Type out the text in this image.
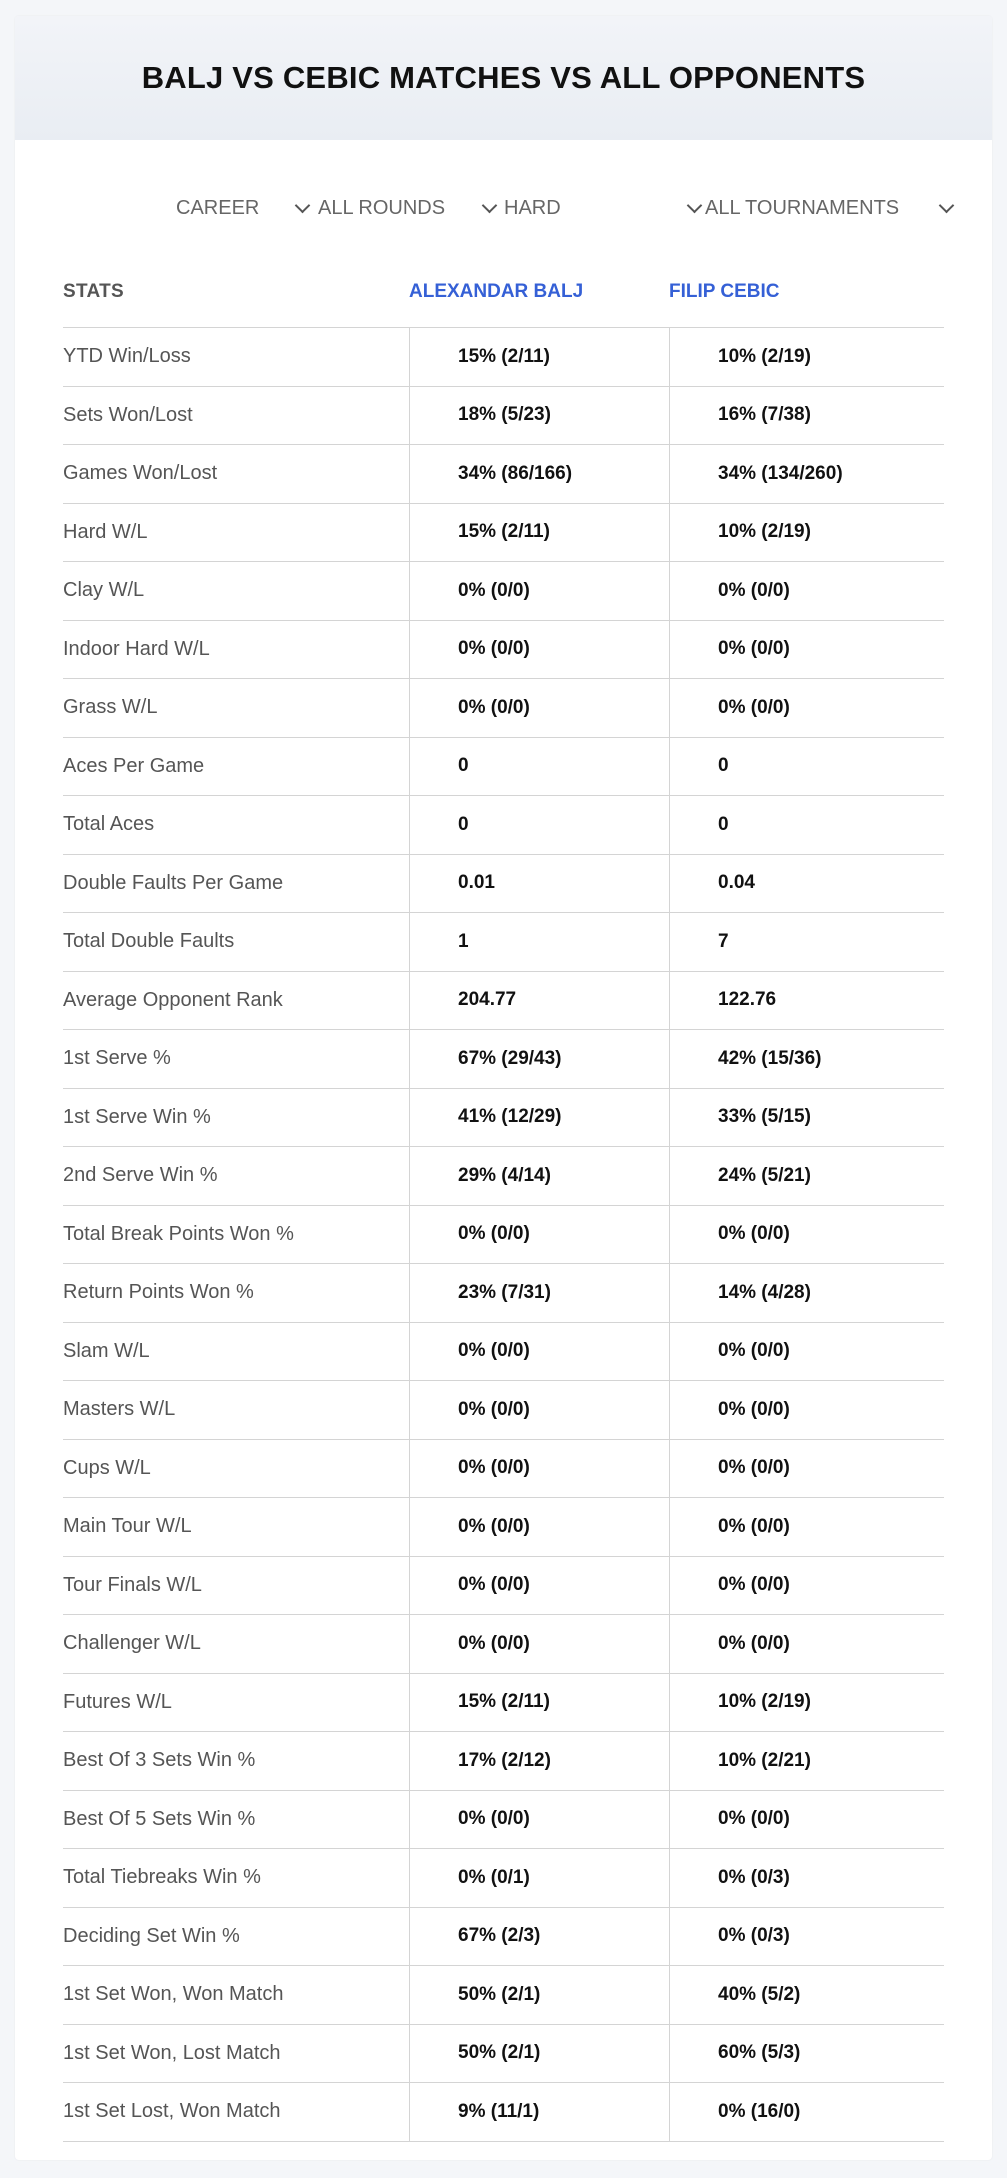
BALJ VS CEBIC MATCHES VS ALL OPPONENTS
CAREER	ALL ROUNDS	HARD	ALL TOURNAMENTS
STATS	ALEXANDAR BALJ	FILIP CEBIC
YTD Win/Loss	15% (2/11)	10% (2/19)
Sets Won/Lost	18% (5/23)	16% (7/38)
Games Won/Lost	34% (86/166)	34% (134/260)
Hard W/L	15% (2/11)	10% (2/19)
Clay W/L	0% (0/0)	0% (0/0)
Indoor Hard W/L	0% (0/0)	0% (0/0)
Grass W/L	0% (0/0)	0% (0/0)
Aces Per Game	0	0
Total Aces	0	0
Double Faults Per Game	0.01	0.04
Total Double Faults	1	7
Average Opponent Rank	204.77	122.76
1st Serve %	67% (29/43)	42% (15/36)
1st Serve Win %	41% (12/29)	33% (5/15)
2nd Serve Win %	29% (4/14)	24% (5/21)
Total Break Points Won %	0% (0/0)	0% (0/0)
Return Points Won %	23% (7/31)	14% (4/28)
Slam W/L	0% (0/0)	0% (0/0)
Masters W/L	0% (0/0)	0% (0/0)
Cups W/L	0% (0/0)	0% (0/0)
Main Tour W/L	0% (0/0)	0% (0/0)
Tour Finals W/L	0% (0/0)	0% (0/0)
Challenger W/L	0% (0/0)	0% (0/0)
Futures W/L	15% (2/11)	10% (2/19)
Best Of 3 Sets Win %	17% (2/12)	10% (2/21)
Best Of 5 Sets Win %	0% (0/0)	0% (0/0)
Total Tiebreaks Win %	0% (0/1)	0% (0/3)
Deciding Set Win %	67% (2/3)	0% (0/3)
1st Set Won, Won Match	50% (2/1)	40% (5/2)
1st Set Won, Lost Match	50% (2/1)	60% (5/3)
1st Set Lost, Won Match	9% (11/1)	0% (16/0)
